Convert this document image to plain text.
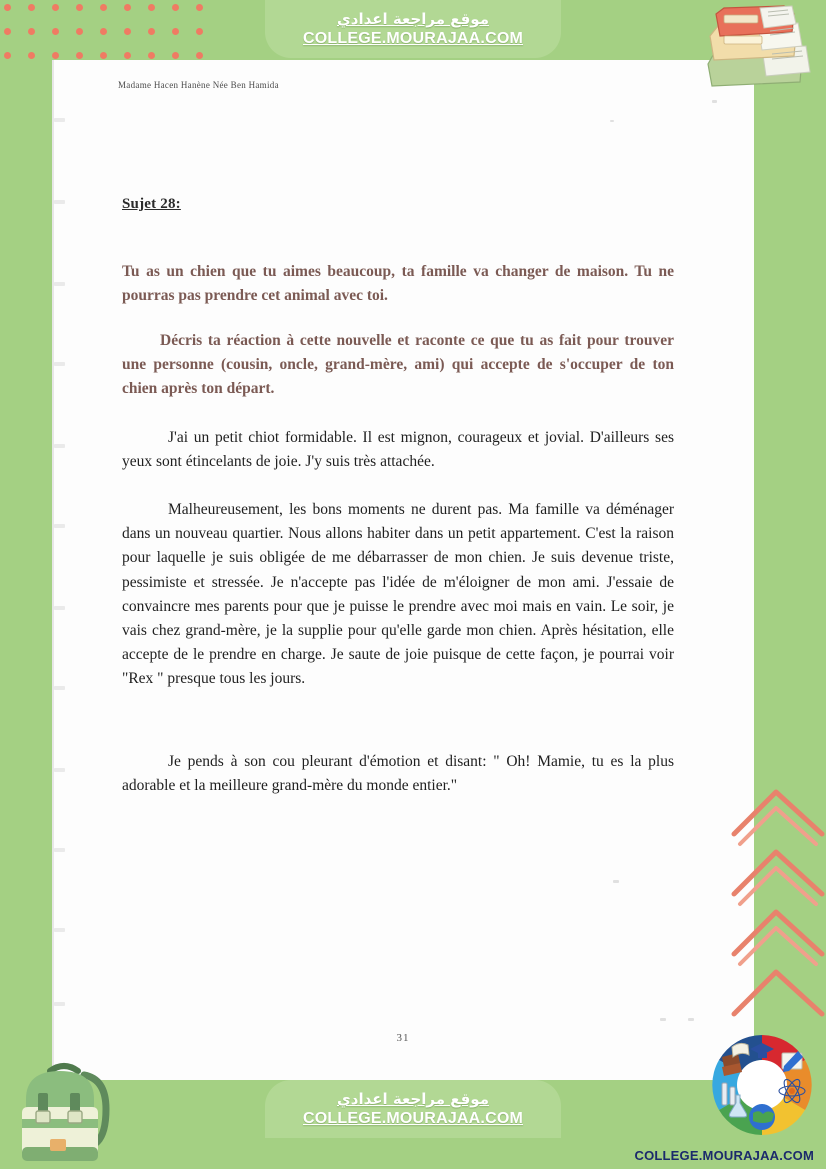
موقع مراجعة اعدادي
COLLEGE.MOURAJAA.COM
Madame Hacen Hanène Née Ben Hamida
Sujet 28:

Tu as un chien que tu aimes beaucoup, ta famille va changer de maison. Tu ne pourras pas prendre cet animal avec toi.

Décris ta réaction à cette nouvelle et raconte ce que tu as fait pour trouver une personne (cousin, oncle, grand-mère, ami) qui accepte de s'occuper de ton chien après ton départ.

J'ai un petit chiot formidable. Il est mignon, courageux et jovial. D'ailleurs ses yeux sont étincelants de joie. J'y suis très attachée.

Malheureusement, les bons moments ne durent pas. Ma famille va déménager dans un nouveau quartier. Nous allons habiter dans un petit appartement. C'est la raison pour laquelle je suis obligée de me débarrasser de mon chien. Je suis devenue triste, pessimiste et stressée. Je n'accepte pas l'idée de m'éloigner de mon ami. J'essaie de convaincre mes parents pour que je puisse le prendre avec moi mais en vain. Le soir, je vais chez grand-mère, je la supplie pour qu'elle garde mon chien. Après hésitation, elle accepte de le prendre en charge. Je saute de joie puisque de cette façon, je pourrai voir "Rex " presque tous les jours.

Je pends à son cou pleurant d'émotion et disant: " Oh! Mamie, tu es la plus adorable et la meilleure grand-mère du monde entier."

31
موقع مراجعة اعدادي
COLLEGE.MOURAJAA.COM
COLLEGE.MOURAJAA.COM
